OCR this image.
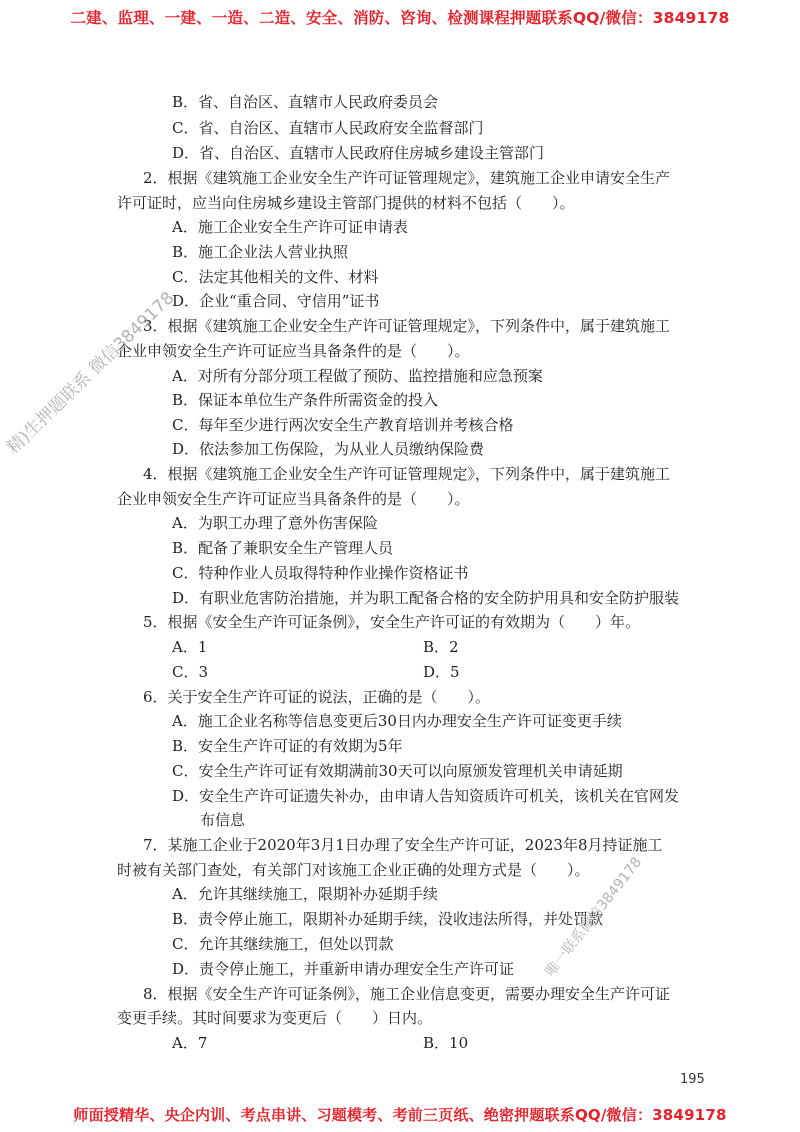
二建、监理、一建、一造、二造、安全、消防、咨询、检测课程押题联系QQ/微信：3849178
B．省、自治区、直辖市人民政府委员会
C．省、自治区、直辖市人民政府安全监督部门
D．省、自治区、直辖市人民政府住房城乡建设主管部门
2．根据《建筑施工企业安全生产许可证管理规定》，建筑施工企业申请安全生产
许可证时，应当向住房城乡建设主管部门提供的材料不包括（　　）。
A．施工企业安全生产许可证申请表
B．施工企业法人营业执照
C．法定其他相关的文件、材料
D．企业“重合同、守信用”证书
3．根据《建筑施工企业安全生产许可证管理规定》，下列条件中，属于建筑施工
企业申领安全生产许可证应当具备条件的是（　　）。
A．对所有分部分项工程做了预防、监控措施和应急预案
B．保证本单位生产条件所需资金的投入
C．每年至少进行两次安全生产教育培训并考核合格
D．依法参加工伤保险，为从业人员缴纳保险费
4．根据《建筑施工企业安全生产许可证管理规定》，下列条件中，属于建筑施工
企业申领安全生产许可证应当具备条件的是（　　）。
A．为职工办理了意外伤害保险
B．配备了兼职安全生产管理人员
C．特种作业人员取得特种作业操作资格证书
D．有职业危害防治措施，并为职工配备合格的安全防护用具和安全防护服装
5．根据《安全生产许可证条例》，安全生产许可证的有效期为（　　）年。
A．1	B．2
C．3	D．5
6．关于安全生产许可证的说法，正确的是（　　）。
A．施工企业名称等信息变更后30日内办理安全生产许可证变更手续
B．安全生产许可证的有效期为5年
C．安全生产许可证有效期满前30天可以向原颁发管理机关申请延期
D．安全生产许可证遗失补办，由申请人告知资质许可机关，该机关在官网发
布信息
7．某施工企业于2020年3月1日办理了安全生产许可证，2023年8月持证施工
时被有关部门查处，有关部门对该施工企业正确的处理方式是（　　）。
A．允许其继续施工，限期补办延期手续
B．责令停止施工，限期补办延期手续，没收违法所得，并处罚款
C．允许其继续施工，但处以罚款
D．责令停止施工，并重新申请办理安全生产许可证
8．根据《安全生产许可证条例》，施工企业信息变更，需要办理安全生产许可证
变更手续。其时间要求为变更后（　　）日内。
A．7	B．10
精)生押题联系 微信3849178
唯一联系微信3849178
195
师面授精华、央企内训、考点串讲、习题模考、考前三页纸、绝密押题联系QQ/微信：3849178
